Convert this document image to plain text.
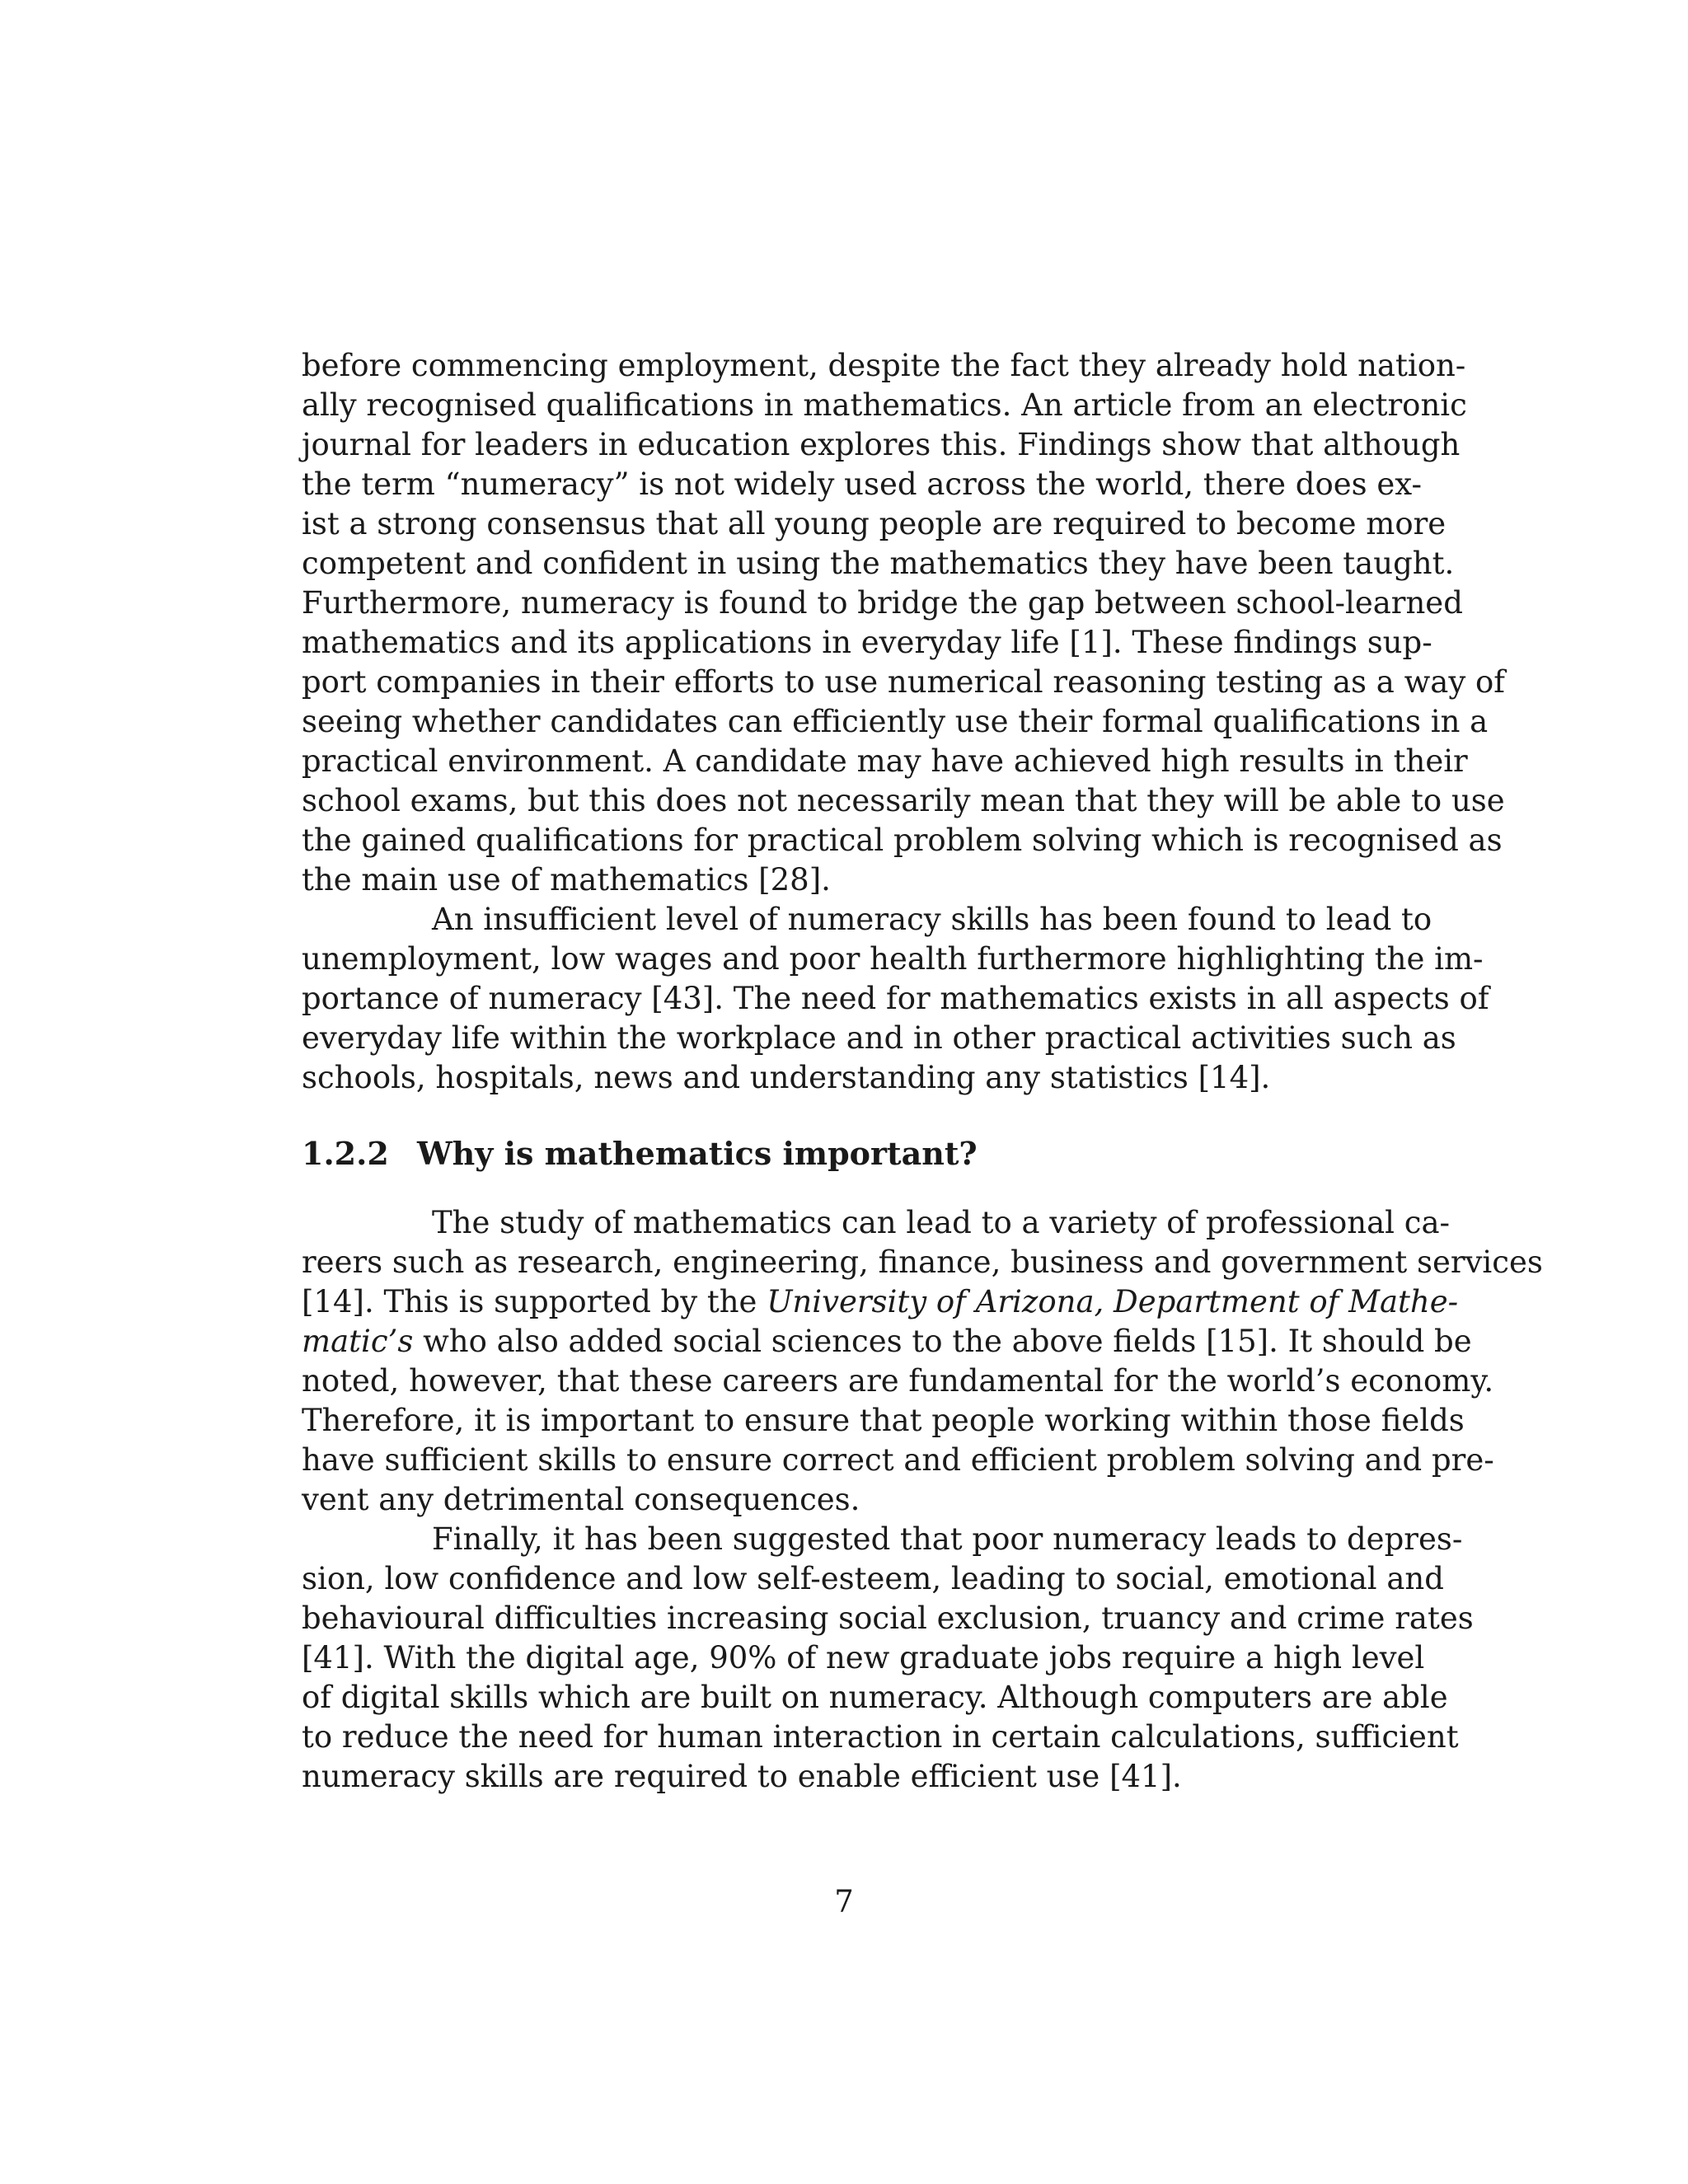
before commencing employment, despite the fact they already hold nation-
ally recognised qualifications in mathematics. An article from an electronic
journal for leaders in education explores this. Findings show that although
the term “numeracy” is not widely used across the world, there does ex-
ist a strong consensus that all young people are required to become more
competent and confident in using the mathematics they have been taught.
Furthermore, numeracy is found to bridge the gap between school-learned
mathematics and its applications in everyday life [1]. These findings sup-
port companies in their efforts to use numerical reasoning testing as a way of
seeing whether candidates can efficiently use their formal qualifications in a
practical environment. A candidate may have achieved high results in their
school exams, but this does not necessarily mean that they will be able to use
the gained qualifications for practical problem solving which is recognised as
the main use of mathematics [28].
An insufficient level of numeracy skills has been found to lead to
unemployment, low wages and poor health furthermore highlighting the im-
portance of numeracy [43]. The need for mathematics exists in all aspects of
everyday life within the workplace and in other practical activities such as
schools, hospitals, news and understanding any statistics [14].
1.2.2 Why is mathematics important?
The study of mathematics can lead to a variety of professional ca-
reers such as research, engineering, finance, business and government services
[14]. This is supported by the University of Arizona, Department of Mathe-
matic’s who also added social sciences to the above fields [15]. It should be
noted, however, that these careers are fundamental for the world’s economy.
Therefore, it is important to ensure that people working within those fields
have sufficient skills to ensure correct and efficient problem solving and pre-
vent any detrimental consequences.
Finally, it has been suggested that poor numeracy leads to depres-
sion, low confidence and low self-esteem, leading to social, emotional and
behavioural difficulties increasing social exclusion, truancy and crime rates
[41]. With the digital age, 90% of new graduate jobs require a high level
of digital skills which are built on numeracy. Although computers are able
to reduce the need for human interaction in certain calculations, sufficient
numeracy skills are required to enable efficient use [41].
7
